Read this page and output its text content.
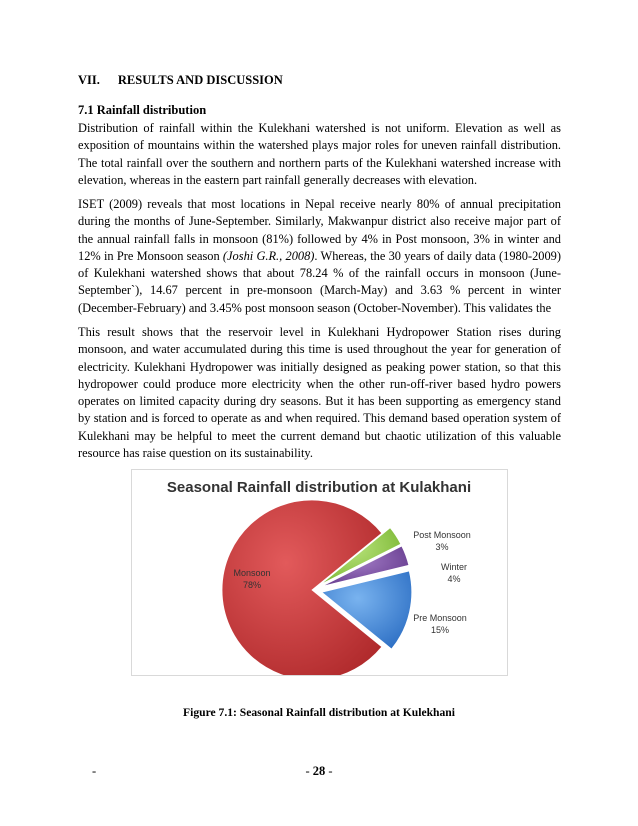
VII. RESULTS AND DISCUSSION
7.1 Rainfall distribution

Distribution of rainfall within the Kulekhani watershed is not uniform. Elevation as well as exposition of mountains within the watershed plays major roles for uneven rainfall distribution. The total rainfall over the southern and northern parts of the Kulekhani watershed increase with elevation, whereas in the eastern part rainfall generally decreases with elevation.

ISET (2009) reveals that most locations in Nepal receive nearly 80% of annual precipitation during the months of June-September. Similarly, Makwanpur district also receive major part of the annual rainfall falls in monsoon (81%) followed by 4% in Post monsoon, 3% in winter and 12% in Pre Monsoon season (Joshi G.R., 2008). Whereas, the 30 years of daily data (1980-2009) of Kulekhani watershed shows that about 78.24 % of the rainfall occurs in monsoon (June-September`), 14.67 percent in pre-monsoon (March-May) and 3.63 % percent in winter (December-February) and 3.45% post monsoon season (October-November). This validates the

This result shows that the reservoir level in Kulekhani Hydropower Station rises during monsoon, and water accumulated during this time is used throughout the year for generation of electricity. Kulekhani Hydropower was initially designed as peaking power station, so that this hydropower could produce more electricity when the other run-off-river based hydro powers operates on limited capacity during dry seasons. But it has been supporting as emergency stand by station and is forced to operate as and when required. This demand based operation system of Kulekhani may be helpful to meet the current demand but chaotic utilization of this valuable resource has raise question on its sustainability.

Seasonal Rainfall distribution at Kulakhani
Monsoon
78%
Post Monsoon
3%
Winter
4%
Pre Monsoon
15%
Figure 7.1: Seasonal Rainfall distribution at Kulekhani
-	- 28 -
